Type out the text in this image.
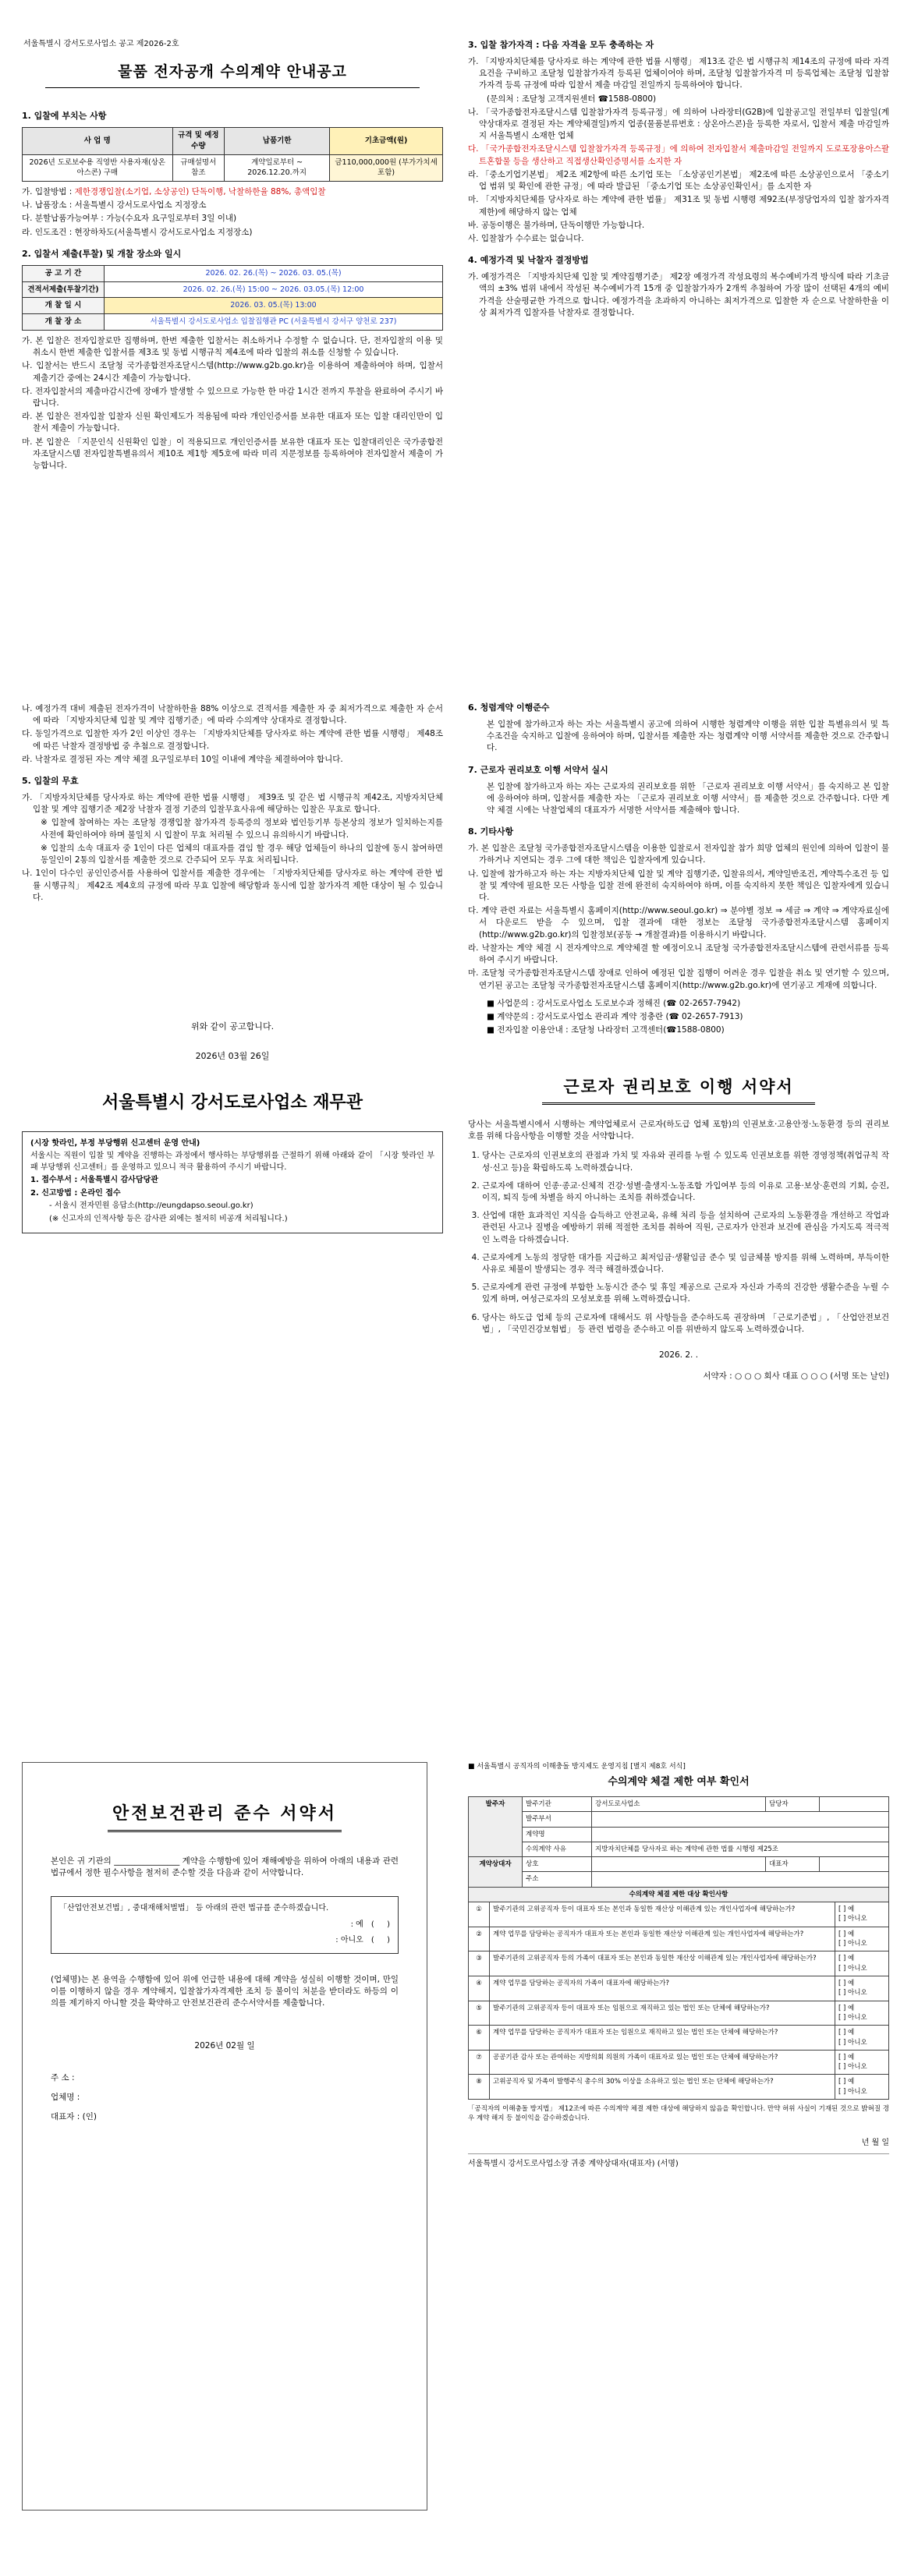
서울특별시 강서도로사업소 공고 제2026-2호
물품 전자공개 수의계약 안내공고
1. 입찰에 부치는 사항
사 업 명	규격 및 예정수량	납품기한	기초금액(원)
2026년 도로보수용 직영반 사용자재(상온아스콘) 구매	규매설명서 참조	계약일로부터 ~ 2026.12.20.까지	금110,000,000원 (부가가치세 포함)
가. 입찰방법 : 제한경쟁입찰(소기업, 소상공인) 단독이행, 낙찰하한율 88%, 총액입찰
나. 납품장소 : 서울특별시 강서도로사업소 지정장소
다. 분할납품가능여부 : 가능(수요자 요구일로부터 3일 이내)
라. 인도조건 : 현장하차도(서울특별시 강서도로사업소 지정장소)
2. 입찰서 제출(투찰) 및 개찰 장소와 일시
공 고 기 간	2026. 02. 26.(목) ~ 2026. 03. 05.(목)
견적서제출(투찰기간)	2026. 02. 26.(목) 15:00 ~ 2026. 03.05.(목) 12:00
개 찰 일 시	2026. 03. 05.(목) 13:00
개 찰 장 소	서울특별시 강서도로사업소 입찰집행관 PC (서울특별시 강서구 양천로 237)
가. 본 입찰은 전자입찰로만 집행하며, 한번 제출한 입찰서는 취소하거나 수정할 수 없습니다. 단, 전자입찰의 이용 및 취소시 한번 제출한 입찰서를 제3조 및 동법 시행규칙 제4조에 따라 입찰의 취소를 신청할 수 있습니다.
나. 입찰서는 반드시 조달청 국가종합전자조달시스템(http://www.g2b.go.kr)을 이용하여 제출하여야 하며, 입찰서 제출기간 중에는 24시간 제출이 가능합니다.
다. 전자입찰서의 제출마감시간에 장애가 발생할 수 있으므로 가능한 한 마감 1시간 전까지 투찰을 완료하여 주시기 바랍니다.
라. 본 입찰은 전자입찰 입찰자 신원 확인제도가 적용됨에 따라 개인인증서를 보유한 대표자 또는 입찰 대리인만이 입찰서 제출이 가능합니다.
마. 본 입찰은 「지문인식 신원확인 입찰」이 적용되므로 개인인증서를 보유한 대표자 또는 입찰대리인은 국가종합전자조달시스템 전자입찰특별유의서 제10조 제1항 제5호에 따라 미리 지문정보를 등록하여야 전자입찰서 제출이 가능합니다.
3. 입찰 참가자격 : 다음 자격을 모두 충족하는 자
가. 「지방자치단체를 당사자로 하는 계약에 관한 법률 시행령」 제13조 같은 법 시행규칙 제14조의 규정에 따라 자격요건을 구비하고 조달청 입찰참가자격 등록된 업체이어야 하며, 조달청 입찰참가자격 미 등록업체는 조달청 입찰참가자격 등록 규정에 따라 입찰서 제출 마감일 전일까지 등록하여야 합니다.
(문의처 : 조달청 고객지원센터 ☎1588-0800)
나. 「국가종합전자조달시스템 입찰참가자격 등록규정」에 의하여 나라장터(G2B)에 입찰공고일 전일부터 입찰일(계약상대자로 결정된 자는 계약체결일)까지 업종(물품분류번호 : 상온아스콘)을 등록한 자로서, 입찰서 제출 마감일까지 서울특별시 소재한 업체
다. 「국가종합전자조달시스템 입찰참가자격 등록규정」에 의하여 전자입찰서 제출마감일 전일까지 도로포장용아스팔트혼합물 등을 생산하고 직접생산확인증명서를 소지한 자
라. 「중소기업기본법」 제2조 제2항에 따른 소기업 또는 「소상공인기본법」 제2조에 따른 소상공인으로서 「중소기업 범위 및 확인에 관한 규정」에 따라 발급된 「중소기업 또는 소상공인확인서」를 소지한 자
마. 「지방자치단체를 당사자로 하는 계약에 관한 법률」 제31조 및 동법 시행령 제92조(부정당업자의 입찰 참가자격 제한)에 해당하지 않는 업체
바. 공동이행은 불가하며, 단독이행만 가능합니다.
사. 입찰참가 수수료는 없습니다.
4. 예정가격 및 낙찰자 결정방법
가. 예정가격은 「지방자치단체 입찰 및 계약집행기준」 제2장 예정가격 작성요령의 복수예비가격 방식에 따라 기초금액의 ±3% 범위 내에서 작성된 복수예비가격 15개 중 입찰참가자가 2개씩 추첨하여 가장 많이 선택된 4개의 예비가격을 산술평균한 가격으로 합니다. 예정가격을 초과하지 아니하는 최저가격으로 입찰한 자 순으로 낙찰하한율 이상 최저가격 입찰자를 낙찰자로 결정합니다.
나. 예정가격 대비 제출된 전자가격이 낙찰하한율 88% 이상으로 견적서를 제출한 자 중 최저가격으로 제출한 자 순서에 따라 「지방자치단체 입찰 및 계약 집행기준」에 따라 수의계약 상대자로 결정합니다.
다. 동일가격으로 입찰한 자가 2인 이상인 경우는 「지방자치단체를 당사자로 하는 계약에 관한 법률 시행령」 제48조에 따른 낙찰자 결정방법 중 추첨으로 결정합니다.
라. 낙찰자로 결정된 자는 계약 체결 요구일로부터 10일 이내에 계약을 체결하여야 합니다.
5. 입찰의 무효
가. 「지방자치단체를 당사자로 하는 계약에 관한 법률 시행령」 제39조 및 같은 법 시행규칙 제42조, 지방자치단체 입찰 및 계약 집행기준 제2장 낙찰자 결정 기준의 입찰무효사유에 해당하는 입찰은 무효로 합니다.
※ 입찰에 참여하는 자는 조달청 경쟁입찰 참가자격 등록증의 정보와 법인등기부 등본상의 정보가 일치하는지를 사전에 확인하여야 하며 불일치 시 입찰이 무효 처리될 수 있으니 유의하시기 바랍니다.
※ 입찰의 소속 대표자 중 1인이 다른 업체의 대표자를 겸임 할 경우 해당 업체들이 하나의 입찰에 동시 참여하면 동일인이 2통의 입찰서를 제출한 것으로 간주되어 모두 무효 처리됩니다.
나. 1인이 다수인 공인인증서를 사용하여 입찰서를 제출한 경우에는 「지방자치단체를 당사자로 하는 계약에 관한 법률 시행규칙」 제42조 제4호의 규정에 따라 무효 입찰에 해당함과 동시에 입찰 참가자격 제한 대상이 될 수 있습니다.
위와 같이 공고합니다.
2026년 03월 26일
서울특별시 강서도로사업소 재무관
(시장 핫라인, 부정 부당행위 신고센터 운영 안내)
서울시는 직원이 입찰 및 계약을 진행하는 과정에서 행사하는 부당행위를 근절하기 위해 아래와 같이 「시장 핫라인 부패 부당행위 신고센터」를 운영하고 있으니 적극 활용하여 주시기 바랍니다.
1. 접수부서 : 서울특별시 감사담당관
2. 신고방법 : 온라인 접수
- 서울시 전자민원 응답소(http://eungdapso.seoul.go.kr)
(※ 신고자의 인적사항 등은 감사관 외에는 철저히 비공개 처리됩니다.)
6. 청렴계약 이행준수
본 입찰에 참가하고자 하는 자는 서울특별시 공고에 의하여 시행한 청렴계약 이행을 위한 입찰 특별유의서 및 특수조건을 숙지하고 입찰에 응하여야 하며, 입찰서를 제출한 자는 청렴계약 이행 서약서를 제출한 것으로 간주합니다.
7. 근로자 권리보호 이행 서약서 실시
본 입찰에 참가하고자 하는 자는 근로자의 권리보호를 위한 「근로자 권리보호 이행 서약서」를 숙지하고 본 입찰에 응하여야 하며, 입찰서를 제출한 자는 「근로자 권리보호 이행 서약서」를 제출한 것으로 간주합니다. 다만 계약 체결 시에는 낙찰업체의 대표자가 서명한 서약서를 제출해야 합니다.
8. 기타사항
가. 본 입찰은 조달청 국가종합전자조달시스템을 이용한 입찰로서 전자입찰 참가 희망 업체의 원인에 의하여 입찰이 불가하거나 지연되는 경우 그에 대한 책임은 입찰자에게 있습니다.
나. 입찰에 참가하고자 하는 자는 지방자치단체 입찰 및 계약 집행기준, 입찰유의서, 계약일반조건, 계약특수조건 등 입찰 및 계약에 필요한 모든 사항을 입찰 전에 완전히 숙지하여야 하며, 이를 숙지하지 못한 책임은 입찰자에게 있습니다.
다. 계약 관련 자료는 서울특별시 홈페이지(http://www.seoul.go.kr) ⇒ 분야별 정보 ⇒ 세금 ⇒ 계약 ⇒ 계약자료실에서 다운로드 받을 수 있으며, 입찰 결과에 대한 정보는 조달청 국가종합전자조달시스템 홈페이지(http://www.g2b.go.kr)의 입찰정보(공동 → 개찰결과)를 이용하시기 바랍니다.
라. 낙찰자는 계약 체결 시 전자계약으로 계약체결 할 예정이오니 조달청 국가종합전자조달시스템에 관련서류를 등록하여 주시기 바랍니다.
마. 조달청 국가종합전자조달시스템 장애로 인하여 예정된 입찰 집행이 어려운 경우 입찰을 취소 및 연기할 수 있으며, 연기된 공고는 조달청 국가종합전자조달시스템 홈페이지(http://www.g2b.go.kr)에 연기공고 게재에 의합니다.
■ 사업문의 : 강서도로사업소 도로보수과 정해진 (☎ 02-2657-7942)
■ 계약문의 : 강서도로사업소 관리과 계약 정충란 (☎ 02-2657-7913)
■ 전자입찰 이용안내 : 조달청 나라장터 고객센터(☎1588-0800)
근로자 권리보호 이행 서약서
당사는 서울특별시에서 시행하는 계약업체로서 근로자(하도급 업체 포함)의 인권보호·고용안정·노동환경 등의 권리보호를 위해 다음사항을 이행할 것을 서약합니다.
1. 당사는 근로자의 인권보호의 관점과 가치 및 자유와 권리를 누릴 수 있도록 인권보호를 위한 경영정책(취업규칙 작성·신고 등)을 확립하도록 노력하겠습니다.
2. 근로자에 대하여 인종·종교·신체적 건강·성별·출생지·노동조합 가입여부 등의 이유로 고용·보상·훈련의 기회, 승진, 이직, 퇴직 등에 차별을 하지 아니하는 조치를 취하겠습니다.
3. 산업에 대한 효과적인 지식을 습득하고 안전교육, 유해 처리 등을 설치하여 근로자의 노동환경을 개선하고 작업과 관련된 사고나 질병을 예방하기 위해 적절한 조치를 취하여 직원, 근로자가 안전과 보건에 관심을 가지도록 적극적인 노력을 다하겠습니다.
4. 근로자에게 노동의 정당한 대가를 지급하고 최저임금·생활임금 준수 및 임금체불 방지를 위해 노력하며, 부득이한 사유로 체불이 발생되는 경우 적극 해결하겠습니다.
5. 근로자에게 관련 규정에 부합한 노동시간 준수 및 휴일 제공으로 근로자 자신과 가족의 건강한 생활수준을 누릴 수 있게 하며, 여성근로자의 모성보호를 위해 노력하겠습니다.
6. 당사는 하도급 업체 등의 근로자에 대해서도 위 사항들을 준수하도록 권장하며 「근로기준법」, 「산업안전보건법」, 「국민건강보험법」 등 관련 법령을 준수하고 이를 위반하지 않도록 노력하겠습니다.
2026. 2. .
서약자 : ○ ○ ○ 회사 대표 ○ ○ ○ (서명 또는 날인)
안전보건관리 준수 서약서
본인은 귀 기관의 ________________ 계약을 수행함에 있어 재해예방을 위하여 아래의 내용과 관련 법규에서 정한 필수사항을 철저히 준수할 것을 다음과 같이 서약합니다.
「산업안전보건법」, 중대재해처벌법」 등 아래의 관련 법규를 준수하겠습니다.
: 예　( 　 )
: 아니오　( 　 )
(업체명)는 본 용역을 수행함에 있어 위에 언급한 내용에 대해 계약을 성실히 이행할 것이며, 만일 이를 이행하지 않을 경우 계약해지, 입찰참가자격제한 조치 등 불이익 처분을 받더라도 하등의 이의를 제기하지 아니할 것을 확약하고 안전보건관리 준수서약서를 제출합니다.
2026년 02월 일
주 소 :
업체명 :
대표자 : (인)
■ 서울특별시 공직자의 이해충돌 방지제도 운영지침 [별지 제8호 서식]
수의계약 체결 제한 여부 확인서
발주자	발주기관	강서도로사업소	담당자	
	발주부서			
	계약명			
	수의계약 사유	지방자치단체를 당사자로 하는 계약에 관한 법률 시행령 제25조		
계약상대자	상호		대표자	
	주소			
수의계약 체결 제한 대상 확인사항		
①	발주기관의 고위공직자 등이 대표자 또는 본인과 동일한 재산상 이해관계 있는 개인사업자에 해당하는가?	[ ] 예
[ ] 아니오

②	계약 업무를 담당하는 공직자가 대표자 또는 본인과 동일한 재산상 이해관계 있는 개인사업자에 해당하는가?	[ ] 예
[ ] 아니오

③	발주기관의 고위공직자 등의 가족이 대표자 또는 본인과 동일한 재산상 이해관계 있는 개인사업자에 해당하는가?	[ ] 예
[ ] 아니오

④	계약 업무를 담당하는 공직자의 가족이 대표자에 해당하는가?	[ ] 예
[ ] 아니오

⑤	발주기관의 고위공직자 등이 대표자 또는 임원으로 재직하고 있는 법인 또는 단체에 해당하는가?	[ ] 예
[ ] 아니오

⑥	계약 업무를 담당하는 공직자가 대표자 또는 임원으로 재직하고 있는 법인 또는 단체에 해당하는가?	[ ] 예
[ ] 아니오

⑦	공공기관 감사 또는 관여하는 지방의회 의원의 가족이 대표자로 있는 법인 또는 단체에 해당하는가?	[ ] 예
[ ] 아니오

⑧	고위공직자 및 가족이 발행주식 총수의 30% 이상을 소유하고 있는 법인 또는 단체에 해당하는가?	[ ] 예
[ ] 아니오
「공직자의 이해충돌 방지법」 제12조에 따른 수의계약 체결 제한 대상에 해당하지 않음을 확인합니다. 만약 허위 사실이 기재된 것으로 밝혀질 경우 계약 해지 등 불이익을 감수하겠습니다.
년 월 일
서울특별시 강서도로사업소장 귀중 계약상대자(대표자) (서명)
